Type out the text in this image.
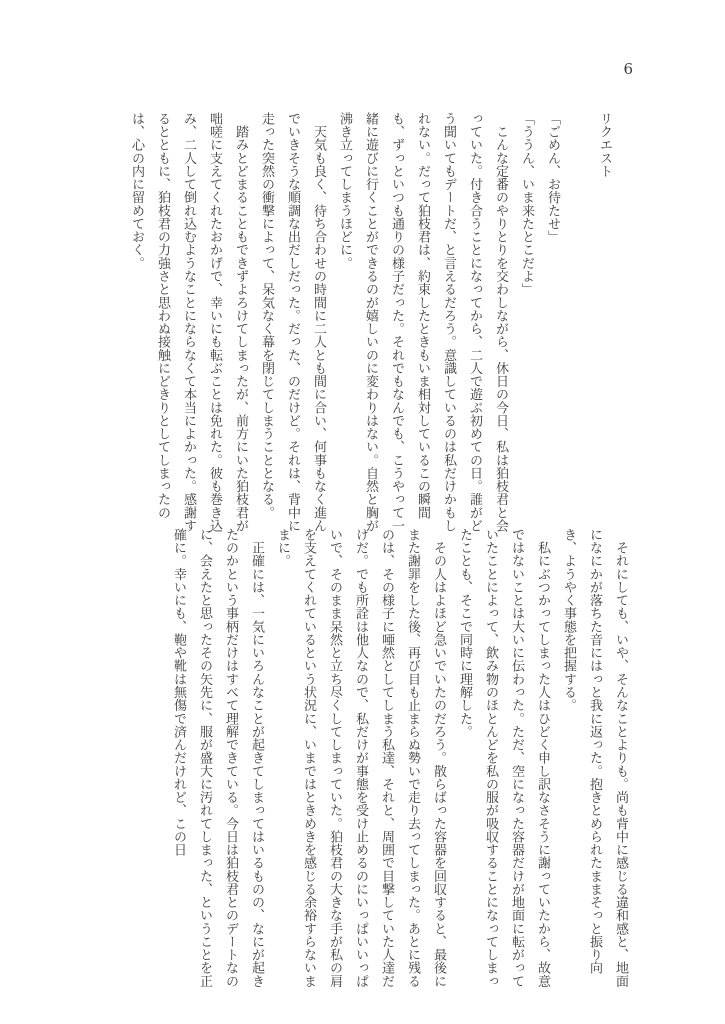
6

リクエスト

「ごめん、お待たせ」

「ううん、いま来たとこだよ」

　こんな定番のやりとりを交わしながら、休日の今日、私は狛枝君と会っていた。付き合うことになってから、二人で遊ぶ初めての日。誰がどう聞いてもデートだ、と言えるだろう。意識しているのは私だけかもしれない。だって狛枝君は、約束したときもいま相対しているこの瞬間も、ずっといつも通りの様子だった。それでもなんでも、こうやって一緒に遊びに行くことができるのが嬉しいのに変わりはない。自然と胸が沸き立ってしまうほどに。

　天気も良く、待ち合わせの時間に二人とも間に合い、何事もなく進んでいきそうな順調な出だしだった。だった、のだけど。それは、背中に走った突然の衝撃によって、呆気なく幕を閉じてしまうこととなる。

　踏みとどまることもできずよろけてしまったが、前方にいた狛枝君が咄嗟に支えてくれたおかげで、幸いにも転ぶことは免れた。彼も巻き込み、二人して倒れ込むようなことにならなくて本当によかった。感謝するとともに、狛枝君の力強さと思わぬ接触にどきりとしてしまったのは、心の内に留めておく。

　それにしても、いや、そんなことよりも。尚も背中に感じる違和感と、地面になにかが落ちた音にはっと我に返った。抱きとめられたままそっと振り向き、ようやく事態を把握する。

　私にぶつかってしまった人はひどく申し訳なさそうに謝っていたから、故意ではないことは大いに伝わった。ただ、空になった容器だけが地面に転がっていたことによって、飲み物のほとんどを私の服が吸収することになってしまったことも、そこで同時に理解した。

　その人はよほど急いでいたのだろう。散らばった容器を回収すると、最後にまた謝罪をした後、再び目も止まらぬ勢いで走り去ってしまった。あとに残るのは、その様子に唖然としてしまう私達、それと、周囲で目撃していた人達だけだ。でも所詮は他人なので、私だけが事態を受け止めるのにいっぱいいっぱいで、そのまま呆然と立ち尽くしてしまっていた。狛枝君の大きな手が私の肩を支えてくれているという状況に、いまではときめきを感じる余裕すらないままに。

　正確には、一気にいろんなことが起きてしまってはいるものの、なにが起きたのかという事柄だけはすべて理解できている。今日は狛枝君とのデートなのに、会えたと思ったその矢先に、服が盛大に汚れてしまった、ということを正確に。幸いにも、鞄や靴は無傷で済んだけれど、この日
